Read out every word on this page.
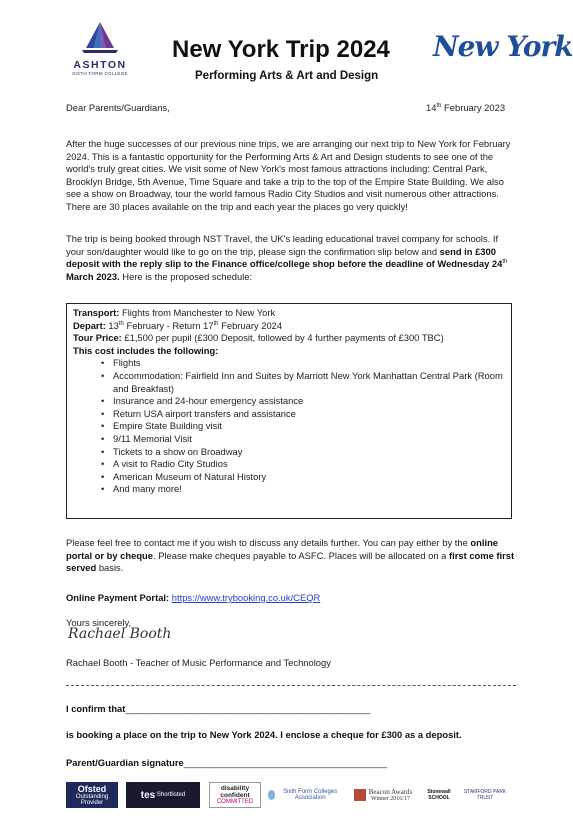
ASHTON
SIXTH FORM COLLEGE
New York Trip 2024
Performing Arts & Art and Design
New York
Dear Parents/Guardians,	14th February 2023
After the huge successes of our previous nine trips, we are arranging our next trip to New York for February 2024. This is a fantastic opportunity for the Performing Arts & Art and Design students to see one of the world's truly great cities. We visit some of New York's most famous attractions including: Central Park, Brooklyn Bridge, 5th Avenue, Time Square and take a trip to the top of the Empire State Building. We also see a show on Broadway, tour the world famous Radio City Studios and visit numerous other attractions. There are 30 places available on the trip and each year the places go very quickly!
The trip is being booked through NST Travel, the UK's leading educational travel company for schools. If your son/daughter would like to go on the trip, please sign the confirmation slip below and send in £300 deposit with the reply slip to the Finance office/college shop before the deadline of Wednesday 24th March 2023. Here is the proposed schedule:
Transport: Flights from Manchester to New York
Depart: 13th February - Return 17th February 2024
Tour Price: £1,500 per pupil (£300 Deposit, followed by 4 further payments of £300 TBC)
This cost includes the following:
• Flights
• Accommodation: Fairfield Inn and Suites by Marriott New York Manhattan Central Park (Room and Breakfast)
• Insurance and 24-hour emergency assistance
• Return USA airport transfers and assistance
• Empire State Building visit
• 9/11 Memorial Visit
• Tickets to a show on Broadway
• A visit to Radio City Studios
• American Museum of Natural History
• And many more!
Please feel free to contact me if you wish to discuss any details further. You can pay either by the online portal or by cheque. Please make cheques payable to ASFC. Places will be allocated on a first come first served basis.
Online Payment Portal: https://www.trybooking.co.uk/CEQR
Yours sincerely,
Rachael Booth
Rachael Booth - Teacher of Music Performance and Technology
I confirm that_______________________________________________
is booking a place on the trip to New York 2024. I enclose a cheque for £300 as a deposit.
Parent/Guardian signature_______________________________________
Ofsted
Outstanding Provider
tes
Shortlisted
disability confident
COMMITTED
Sixth Form Colleges Association
Beacon Awards
Winner 2016/17
Stonewall SCHOOL
STAMFORD PARK TRUST
